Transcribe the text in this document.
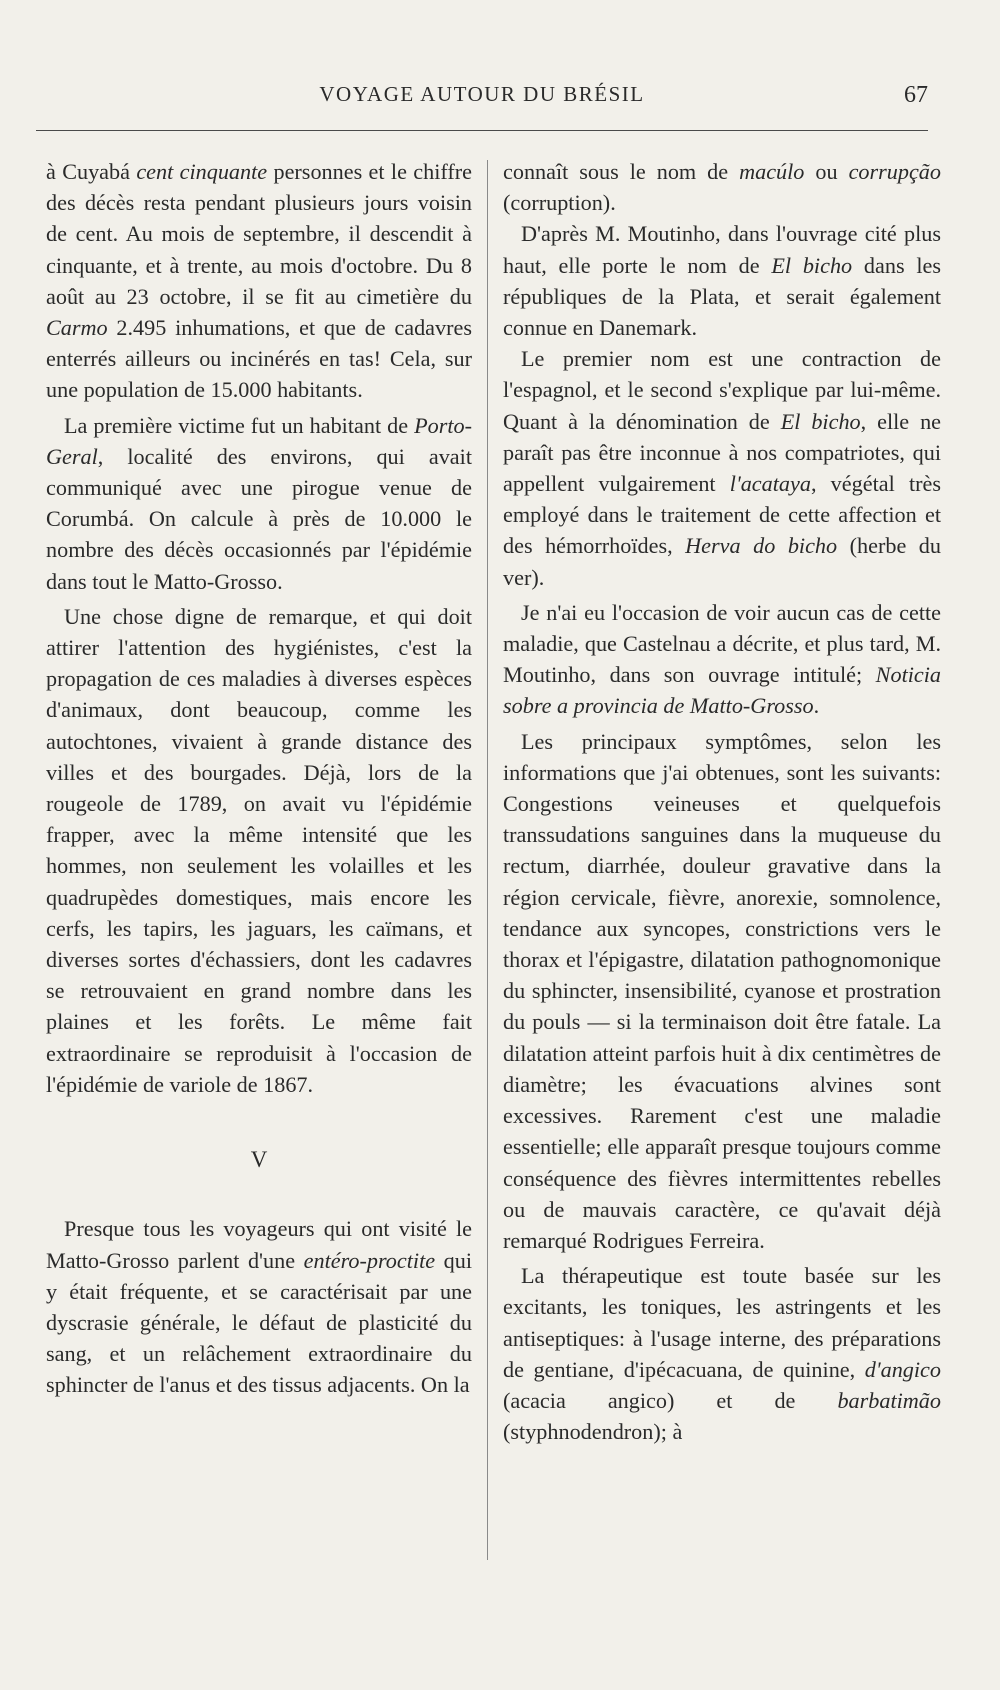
VOYAGE AUTOUR DU BRÉSIL	67

à Cuyabá cent cinquante personnes et le chiffre des décès resta pendant plusieurs jours voisin de cent. Au mois de septembre, il descendit à cinquante, et à trente, au mois d'octobre. Du 8 août au 23 octobre, il se fit au cimetière du Carmo 2.495 inhumations, et que de cadavres enterrés ailleurs ou incinérés en tas! Cela, sur une population de 15.000 habitants.

La première victime fut un habitant de Porto-Geral, localité des environs, qui avait communiqué avec une pirogue venue de Corumbá. On calcule à près de 10.000 le nombre des décès occasionnés par l'épidémie dans tout le Matto-Grosso.

Une chose digne de remarque, et qui doit attirer l'attention des hygiénistes, c'est la propagation de ces maladies à diverses espèces d'animaux, dont beaucoup, comme les autochtones, vivaient à grande distance des villes et des bourgades. Déjà, lors de la rougeole de 1789, on avait vu l'épidémie frapper, avec la même intensité que les hommes, non seulement les volailles et les quadrupèdes domestiques, mais encore les cerfs, les tapirs, les jaguars, les caïmans, et diverses sortes d'échassiers, dont les cadavres se retrouvaient en grand nombre dans les plaines et les forêts. Le même fait extraordinaire se reproduisit à l'occasion de l'épidémie de variole de 1867.

V

Presque tous les voyageurs qui ont visité le Matto-Grosso parlent d'une entéro-proctite qui y était fréquente, et se caractérisait par une dyscrasie générale, le défaut de plasticité du sang, et un relâchement extraordinaire du sphincter de l'anus et des tissus adjacents. On la

connaît sous le nom de macúlo ou corrupção (corruption).

D'après M. Moutinho, dans l'ouvrage cité plus haut, elle porte le nom de El bicho dans les républiques de la Plata, et serait également connue en Danemark.

Le premier nom est une contraction de l'espagnol, et le second s'explique par lui-même. Quant à la dénomination de El bicho, elle ne paraît pas être inconnue à nos compatriotes, qui appellent vulgairement l'acataya, végétal très employé dans le traitement de cette affection et des hémorrhoïdes, Herva do bicho (herbe du ver).

Je n'ai eu l'occasion de voir aucun cas de cette maladie, que Castelnau a décrite, et plus tard, M. Moutinho, dans son ouvrage intitulé; Noticia sobre a provincia de Matto-Grosso.

Les principaux symptômes, selon les informations que j'ai obtenues, sont les suivants: Congestions veineuses et quelquefois transsudations sanguines dans la muqueuse du rectum, diarrhée, douleur gravative dans la région cervicale, fièvre, anorexie, somnolence, tendance aux syncopes, constrictions vers le thorax et l'épigastre, dilatation pathognomonique du sphincter, insensibilité, cyanose et prostration du pouls — si la terminaison doit être fatale. La dilatation atteint parfois huit à dix centimètres de diamètre; les évacuations alvines sont excessives. Rarement c'est une maladie essentielle; elle apparaît presque toujours comme conséquence des fièvres intermittentes rebelles ou de mauvais caractère, ce qu'avait déjà remarqué Rodrigues Ferreira.

La thérapeutique est toute basée sur les excitants, les toniques, les astringents et les antiseptiques: à l'usage interne, des préparations de gentiane, d'ipécacuana, de quinine, d'angico (acacia angico) et de barbatimão (styphnodendron); à
